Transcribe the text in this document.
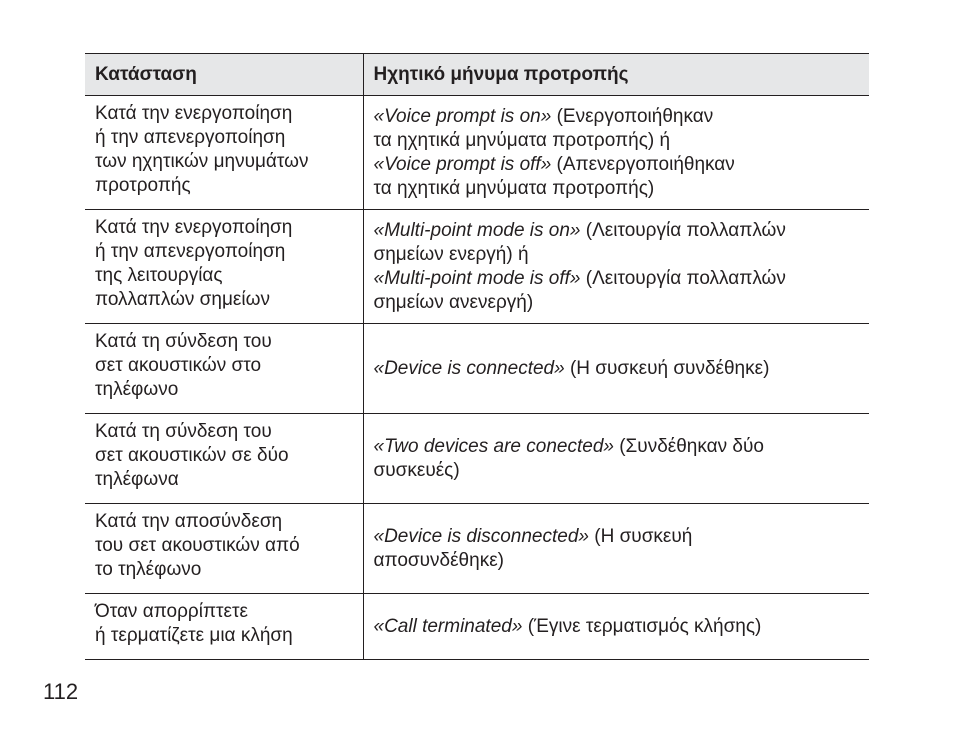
Κατάσταση	Ηχητικό μήνυμα προτροπής

Κατά την ενεργοποίηση
ή την απενεργοποίηση
των ηχητικών μηνυμάτων
προτροπής	«Voice prompt is on» (Ενεργοποιήθηκαν
τα ηχητικά μηνύματα προτροπής) ή
«Voice prompt is off» (Απενεργοποιήθηκαν
τα ηχητικά μηνύματα προτροπής)

Κατά την ενεργοποίηση
ή την απενεργοποίηση
της λειτουργίας
πολλαπλών σημείων	«Multi-point mode is on» (Λειτουργία πολλαπλών
σημείων ενεργή) ή
«Multi-point mode is off» (Λειτουργία πολλαπλών
σημείων ανενεργή)

Κατά τη σύνδεση του
σετ ακουστικών στο
τηλέφωνο	«Device is connected» (Η συσκευή συνδέθηκε)

Κατά τη σύνδεση του
σετ ακουστικών σε δύο
τηλέφωνα	«Two devices are conected» (Συνδέθηκαν δύο
συσκευές)

Κατά την αποσύνδεση
του σετ ακουστικών από
το τηλέφωνο	«Device is disconnected» (Η συσκευή
αποσυνδέθηκε)

Όταν απορρίπτετε
ή τερματίζετε μια κλήση	«Call terminated» (Έγινε τερματισμός κλήσης)
112
